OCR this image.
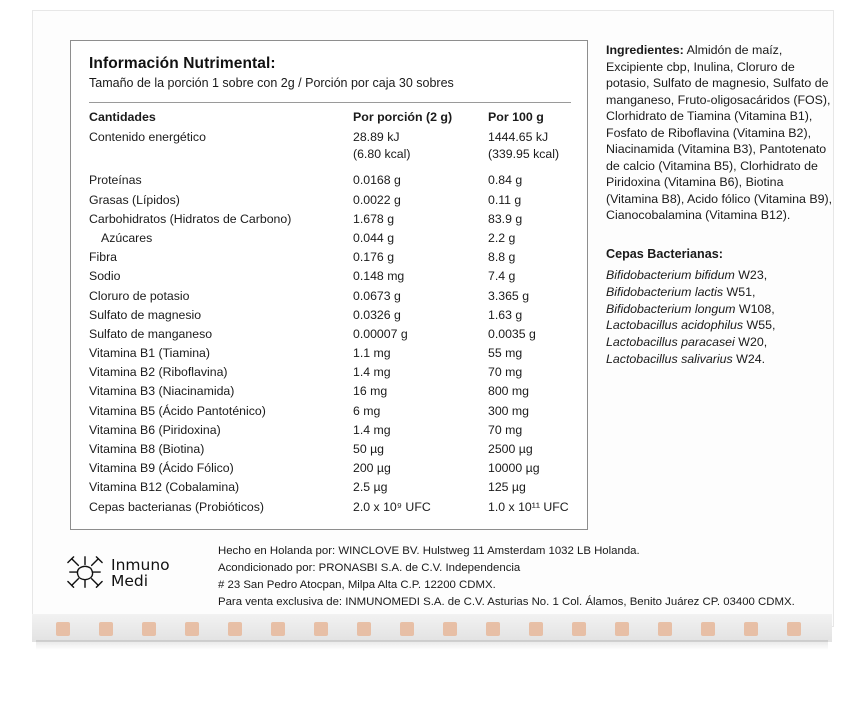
Información Nutrimental:
Tamaño de la porción 1 sobre con 2g / Porción por caja 30 sobres
Cantidades	Por porción (2 g)	Por 100 g
Contenido energético	28.89 kJ	1444.65 kJ
	(6.80 kcal)	(339.95 kcal)

Proteínas	0.0168 g	0.84 g
Grasas (Lípidos)	0.0022 g	0.11 g
Carbohidratos (Hidratos de Carbono)	1.678 g	83.9 g
Azúcares	0.044 g	2.2 g
Fibra	0.176 g	8.8 g
Sodio	0.148 mg	7.4 g
Cloruro de potasio	0.0673 g	3.365 g
Sulfato de magnesio	0.0326 g	1.63 g
Sulfato de manganeso	0.00007 g	0.0035 g
Vitamina B1 (Tiamina)	1.1 mg	55 mg
Vitamina B2 (Riboflavina)	1.4 mg	70 mg
Vitamina B3 (Niacinamida)	16 mg	800 mg
Vitamina B5 (Ácido Pantoténico)	6 mg	300 mg
Vitamina B6 (Piridoxina)	1.4 mg	70 mg
Vitamina B8 (Biotina)	50 µg	2500 µg
Vitamina B9 (Ácido Fólico)	200 µg	10000 µg
Vitamina B12 (Cobalamina)	2.5 µg	125 µg
Cepas bacterianas (Probióticos)	2.0 x 10⁹ UFC	1.0 x 10¹¹ UFC
Ingredientes: Almidón de maíz, Excipiente cbp, Inulina, Cloruro de potasio, Sulfato de magnesio, Sulfato de manganeso, Fruto-oligosacáridos (FOS), Clorhidrato de Tiamina (Vitamina B1), Fosfato de Riboflavina (Vitamina B2), Niacinamida (Vitamina B3), Pantotenato de calcio (Vitamina B5), Clorhidrato de Piridoxina (Vitamina B6), Biotina (Vitamina B8), Acido fólico (Vitamina B9), Cianocobalamina (Vitamina B12).
Cepas Bacterianas:
Bifidobacterium bifidum W23,
Bifidobacterium lactis W51,
Bifidobacterium longum W108,
Lactobacillus acidophilus W55,
Lactobacillus paracasei W20,
Lactobacillus salivarius W24.
Inmuno
Medi
Hecho en Holanda por: WINCLOVE BV. Hulstweg 11 Amsterdam 1032 LB Holanda.
Acondicionado por: PRONASBI S.A. de C.V. Independencia
# 23 San Pedro Atocpan, Milpa Alta C.P. 12200 CDMX.
Para venta exclusiva de: INMUNOMEDI S.A. de C.V. Asturias No. 1 Col. Álamos, Benito Juárez CP. 03400 CDMX.
